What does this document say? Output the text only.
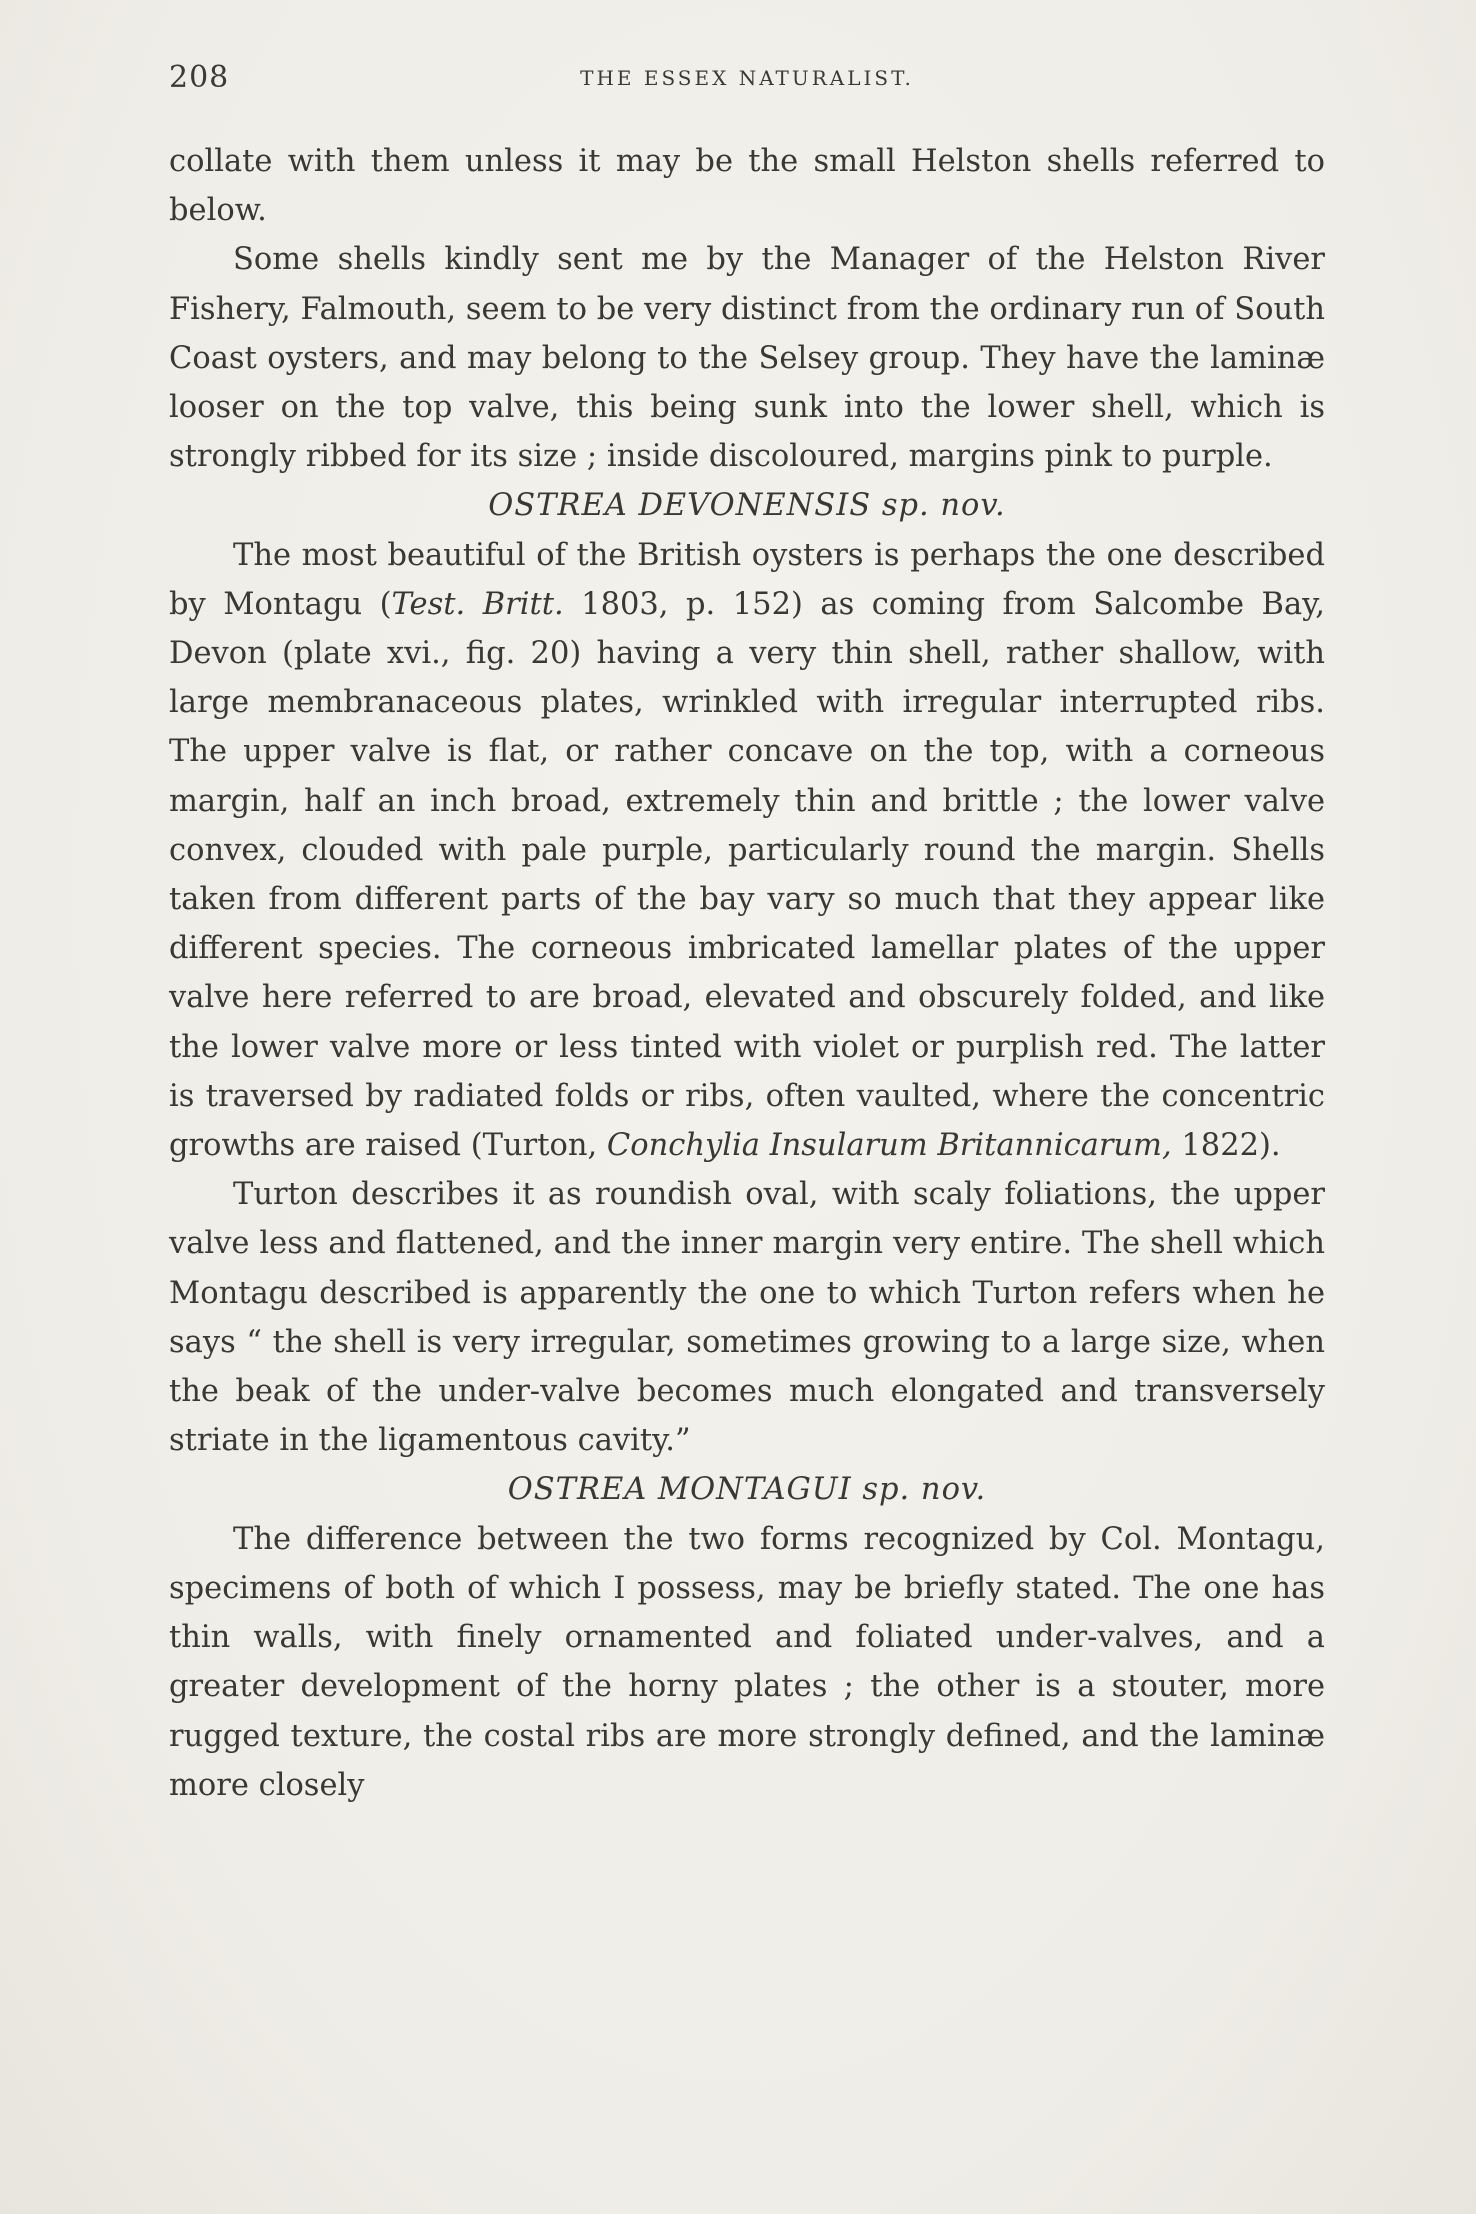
208	THE ESSEX NATURALIST.

collate with them unless it may be the small Helston shells referred to below.

Some shells kindly sent me by the Manager of the Helston River Fishery, Falmouth, seem to be very distinct from the ordinary run of South Coast oysters, and may belong to the Selsey group. They have the laminæ looser on the top valve, this being sunk into the lower shell, which is strongly ribbed for its size ; inside discoloured, margins pink to purple.

OSTREA DEVONENSIS sp. nov.

The most beautiful of the British oysters is perhaps the one described by Montagu (Test. Britt. 1803, p. 152) as coming from Salcombe Bay, Devon (plate xvi., fig. 20) having a very thin shell, rather shallow, with large membranaceous plates, wrinkled with irregular interrupted ribs. The upper valve is flat, or rather concave on the top, with a corneous margin, half an inch broad, extremely thin and brittle ; the lower valve convex, clouded with pale purple, particularly round the margin. Shells taken from different parts of the bay vary so much that they appear like different species. The corneous imbricated lamellar plates of the upper valve here referred to are broad, elevated and obscurely folded, and like the lower valve more or less tinted with violet or purplish red. The latter is traversed by radiated folds or ribs, often vaulted, where the concentric growths are raised (Turton, Conchylia Insularum Britannicarum, 1822).

Turton describes it as roundish oval, with scaly foliations, the upper valve less and flattened, and the inner margin very entire. The shell which Montagu described is apparently the one to which Turton refers when he says “ the shell is very irregular, sometimes growing to a large size, when the beak of the under-valve becomes much elongated and transversely striate in the ligamentous cavity.”

OSTREA MONTAGUI sp. nov.

The difference between the two forms recognized by Col. Montagu, specimens of both of which I possess, may be briefly stated. The one has thin walls, with finely ornamented and foliated under-valves, and a greater development of the horny plates ; the other is a stouter, more rugged texture, the costal ribs are more strongly defined, and the laminæ more closely
